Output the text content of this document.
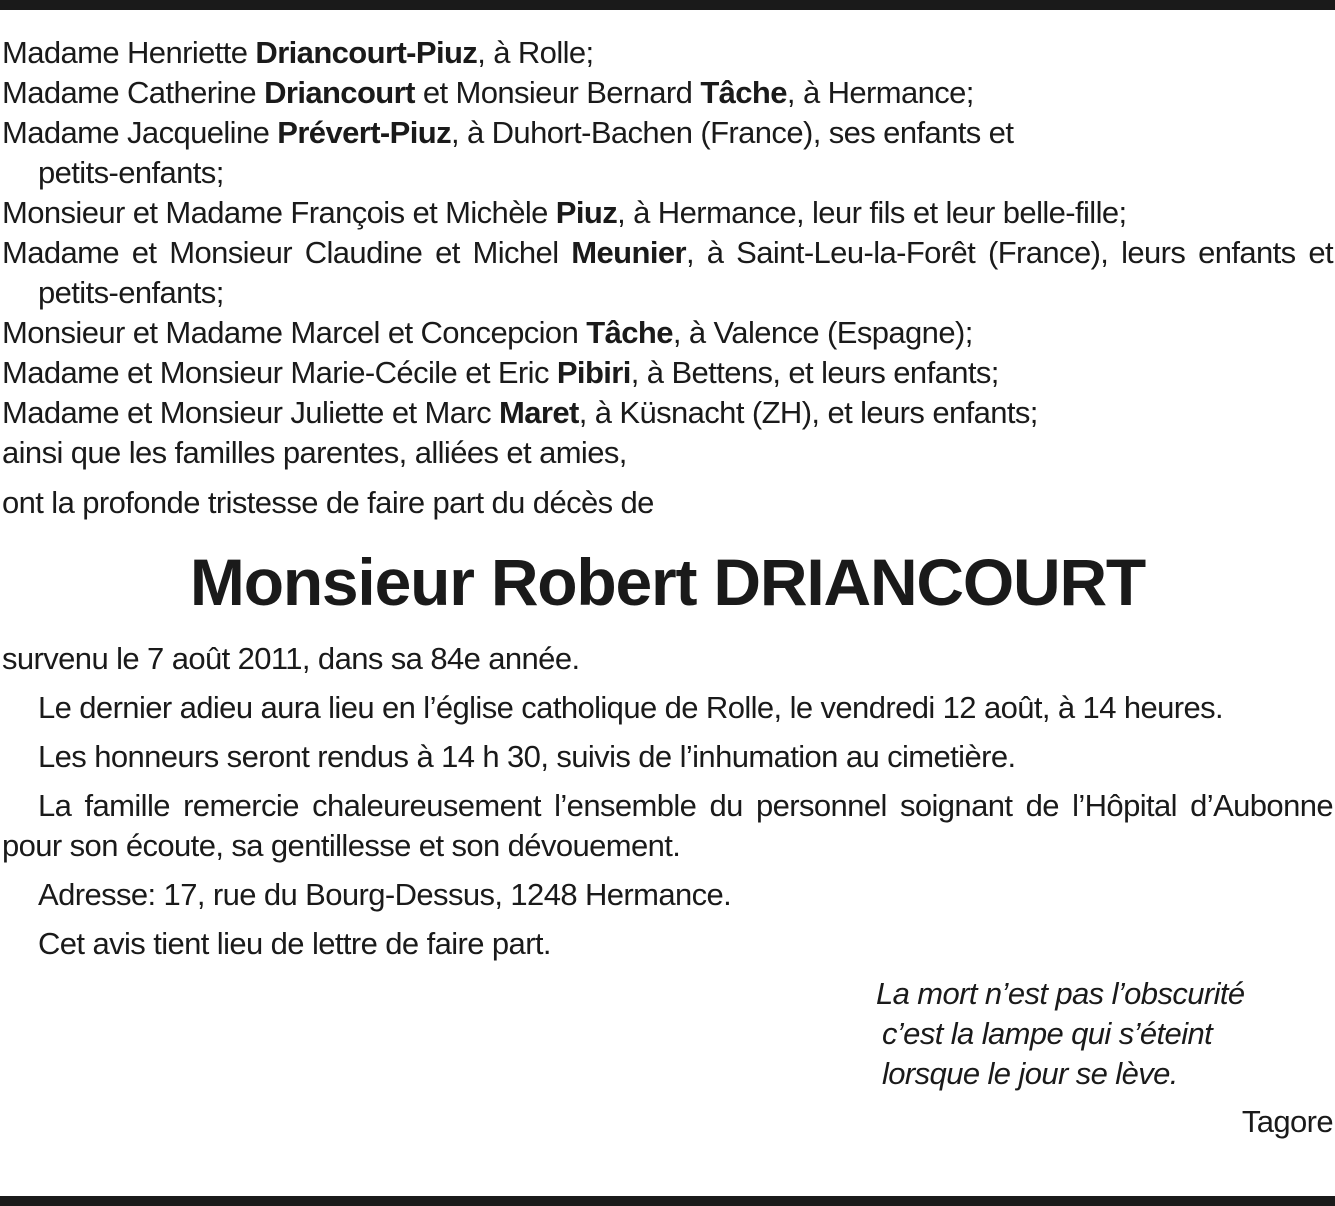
Madame Henriette Driancourt-Piuz, à Rolle;

Madame Catherine Driancourt et Monsieur Bernard Tâche, à Hermance;

Madame Jacqueline Prévert-Piuz, à Duhort-Bachen (France), ses enfants et petits-enfants;

Monsieur et Madame François et Michèle Piuz, à Hermance, leur fils et leur belle-fille;

Madame et Monsieur Claudine et Michel Meunier, à Saint-Leu-la-Forêt (France), leurs enfants et petits-enfants;

Monsieur et Madame Marcel et Concepcion Tâche, à Valence (Espagne);

Madame et Monsieur Marie-Cécile et Eric Pibiri, à Bettens, et leurs enfants;

Madame et Monsieur Juliette et Marc Maret, à Küsnacht (ZH), et leurs enfants;

ainsi que les familles parentes, alliées et amies,

ont la profonde tristesse de faire part du décès de

Monsieur Robert DRIANCOURT

survenu le 7 août 2011, dans sa 84e année.

Le dernier adieu aura lieu en l’église catholique de Rolle, le vendredi 12 août, à 14 heures.

Les honneurs seront rendus à 14 h 30, suivis de l’inhumation au cimetière.

La famille remercie chaleureusement l’ensemble du personnel soignant de l’Hôpital d’Aubonne pour son écoute, sa gentillesse et son dévouement.

Adresse: 17, rue du Bourg-Dessus, 1248 Hermance.

Cet avis tient lieu de lettre de faire part.

La mort n’est pas l’obscurité
c’est la lampe qui s’éteint
lorsque le jour se lève.
Tagore
